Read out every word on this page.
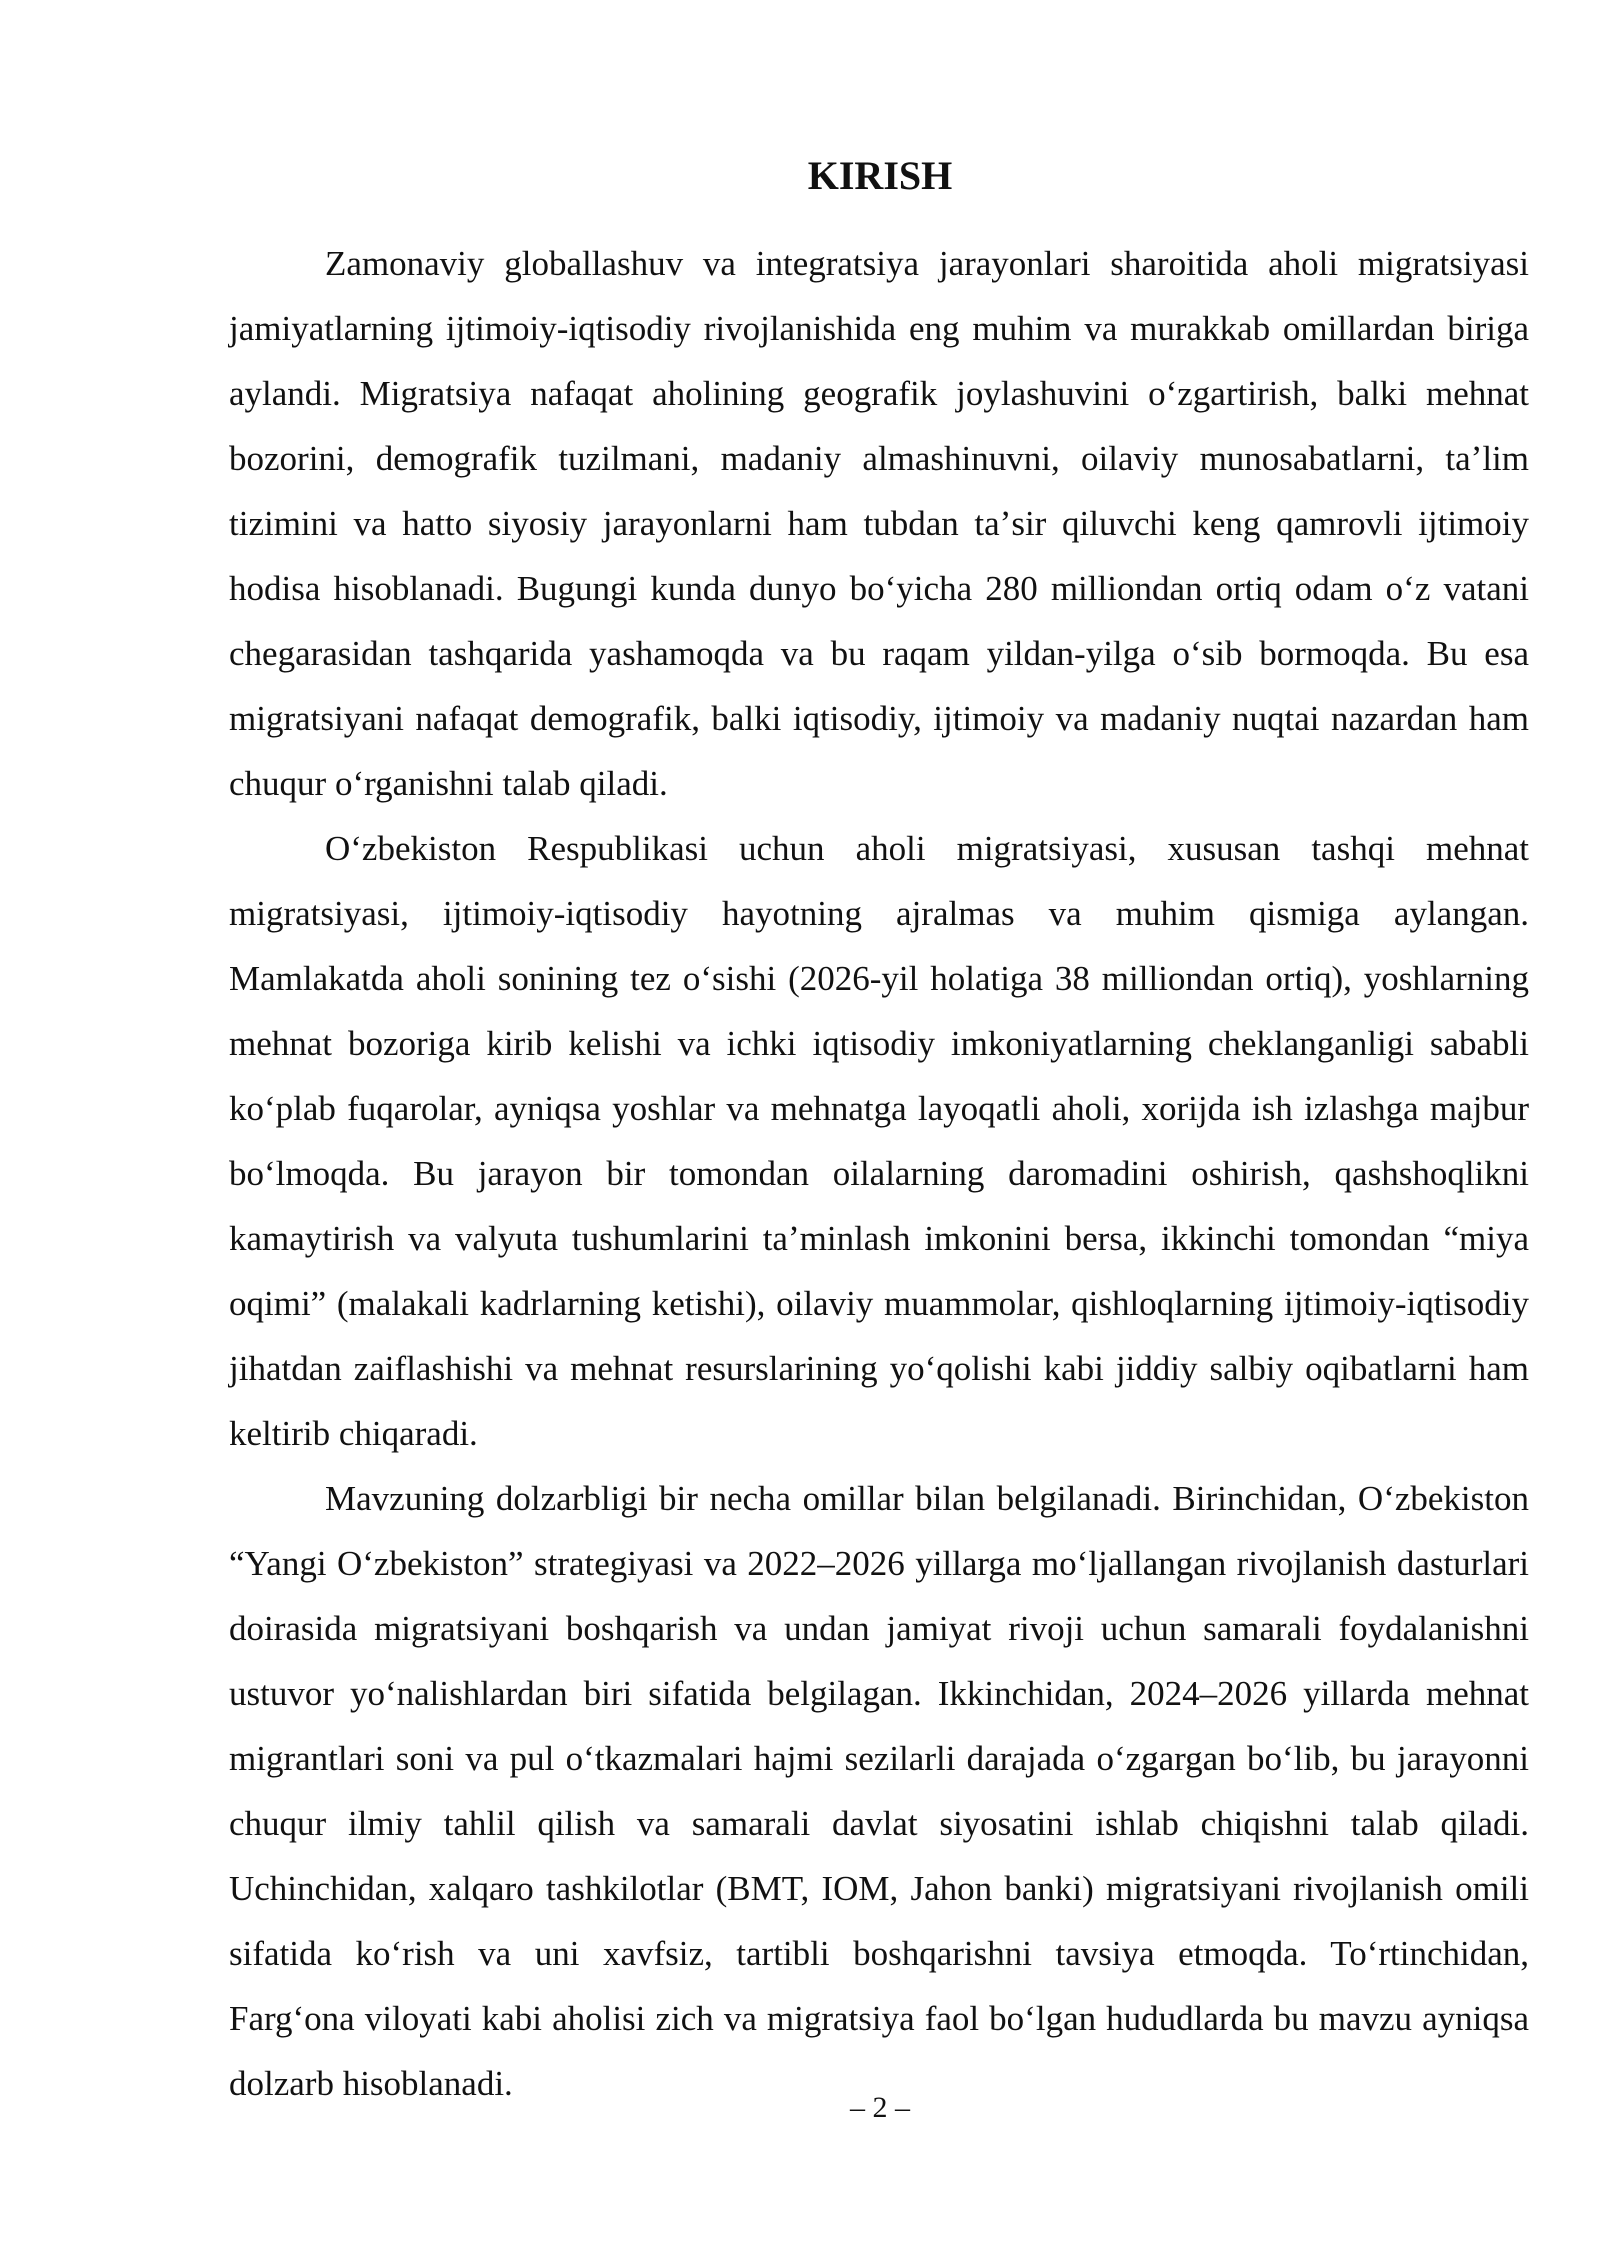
KIRISH

Zamonaviy globallashuv va integratsiya jarayonlari sharoitida aholi migratsiyasi jamiyatlarning ijtimoiy-iqtisodiy rivojlanishida eng muhim va murakkab omillardan biriga aylandi. Migratsiya nafaqat aholining geografik joylashuvini oʻzgartirish, balki mehnat bozorini, demografik tuzilmani, madaniy almashinuvni, oilaviy munosabatlarni, taʼlim tizimini va hatto siyosiy jarayonlarni ham tubdan taʼsir qiluvchi keng qamrovli ijtimoiy hodisa hisoblanadi. Bugungi kunda dunyo boʻyicha 280 milliondan ortiq odam oʻz vatani chegarasidan tashqarida yashamoqda va bu raqam yildan-yilga oʻsib bormoqda. Bu esa migratsiyani nafaqat demografik, balki iqtisodiy, ijtimoiy va madaniy nuqtai nazardan ham chuqur oʻrganishni talab qiladi.

Oʻzbekiston Respublikasi uchun aholi migratsiyasi, xususan tashqi mehnat migratsiyasi, ijtimoiy-iqtisodiy hayotning ajralmas va muhim qismiga aylangan. Mamlakatda aholi sonining tez oʻsishi (2026-yil holatiga 38 milliondan ortiq), yoshlarning mehnat bozoriga kirib kelishi va ichki iqtisodiy imkoniyatlarning cheklanganligi sababli koʻplab fuqarolar, ayniqsa yoshlar va mehnatga layoqatli aholi, xorijda ish izlashga majbur boʻlmoqda. Bu jarayon bir tomondan oilalarning daromadini oshirish, qashshoqlikni kamaytirish va valyuta tushumlarini taʼminlash imkonini bersa, ikkinchi tomondan “miya oqimi” (malakali kadrlarning ketishi), oilaviy muammolar, qishloqlarning ijtimoiy-iqtisodiy jihatdan zaiflashishi va mehnat resurslarining yoʻqolishi kabi jiddiy salbiy oqibatlarni ham keltirib chiqaradi.

Mavzuning dolzarbligi bir necha omillar bilan belgilanadi. Birinchidan, Oʻzbekiston “Yangi Oʻzbekiston” strategiyasi va 2022–2026 yillarga moʻljallangan rivojlanish dasturlari doirasida migratsiyani boshqarish va undan jamiyat rivoji uchun samarali foydalanishni ustuvor yoʻnalishlardan biri sifatida belgilagan. Ikkinchidan, 2024–2026 yillarda mehnat migrantlari soni va pul oʻtkazmalari hajmi sezilarli darajada oʻzgargan boʻlib, bu jarayonni chuqur ilmiy tahlil qilish va samarali davlat siyosatini ishlab chiqishni talab qiladi. Uchinchidan, xalqaro tashkilotlar (BMT, IOM, Jahon banki) migratsiyani rivojlanish omili sifatida koʻrish va uni xavfsiz, tartibli boshqarishni tavsiya etmoqda. Toʻrtinchidan, Fargʻona viloyati kabi aholisi zich va migratsiya faol boʻlgan hududlarda bu mavzu ayniqsa dolzarb hisoblanadi.

– 2 –
